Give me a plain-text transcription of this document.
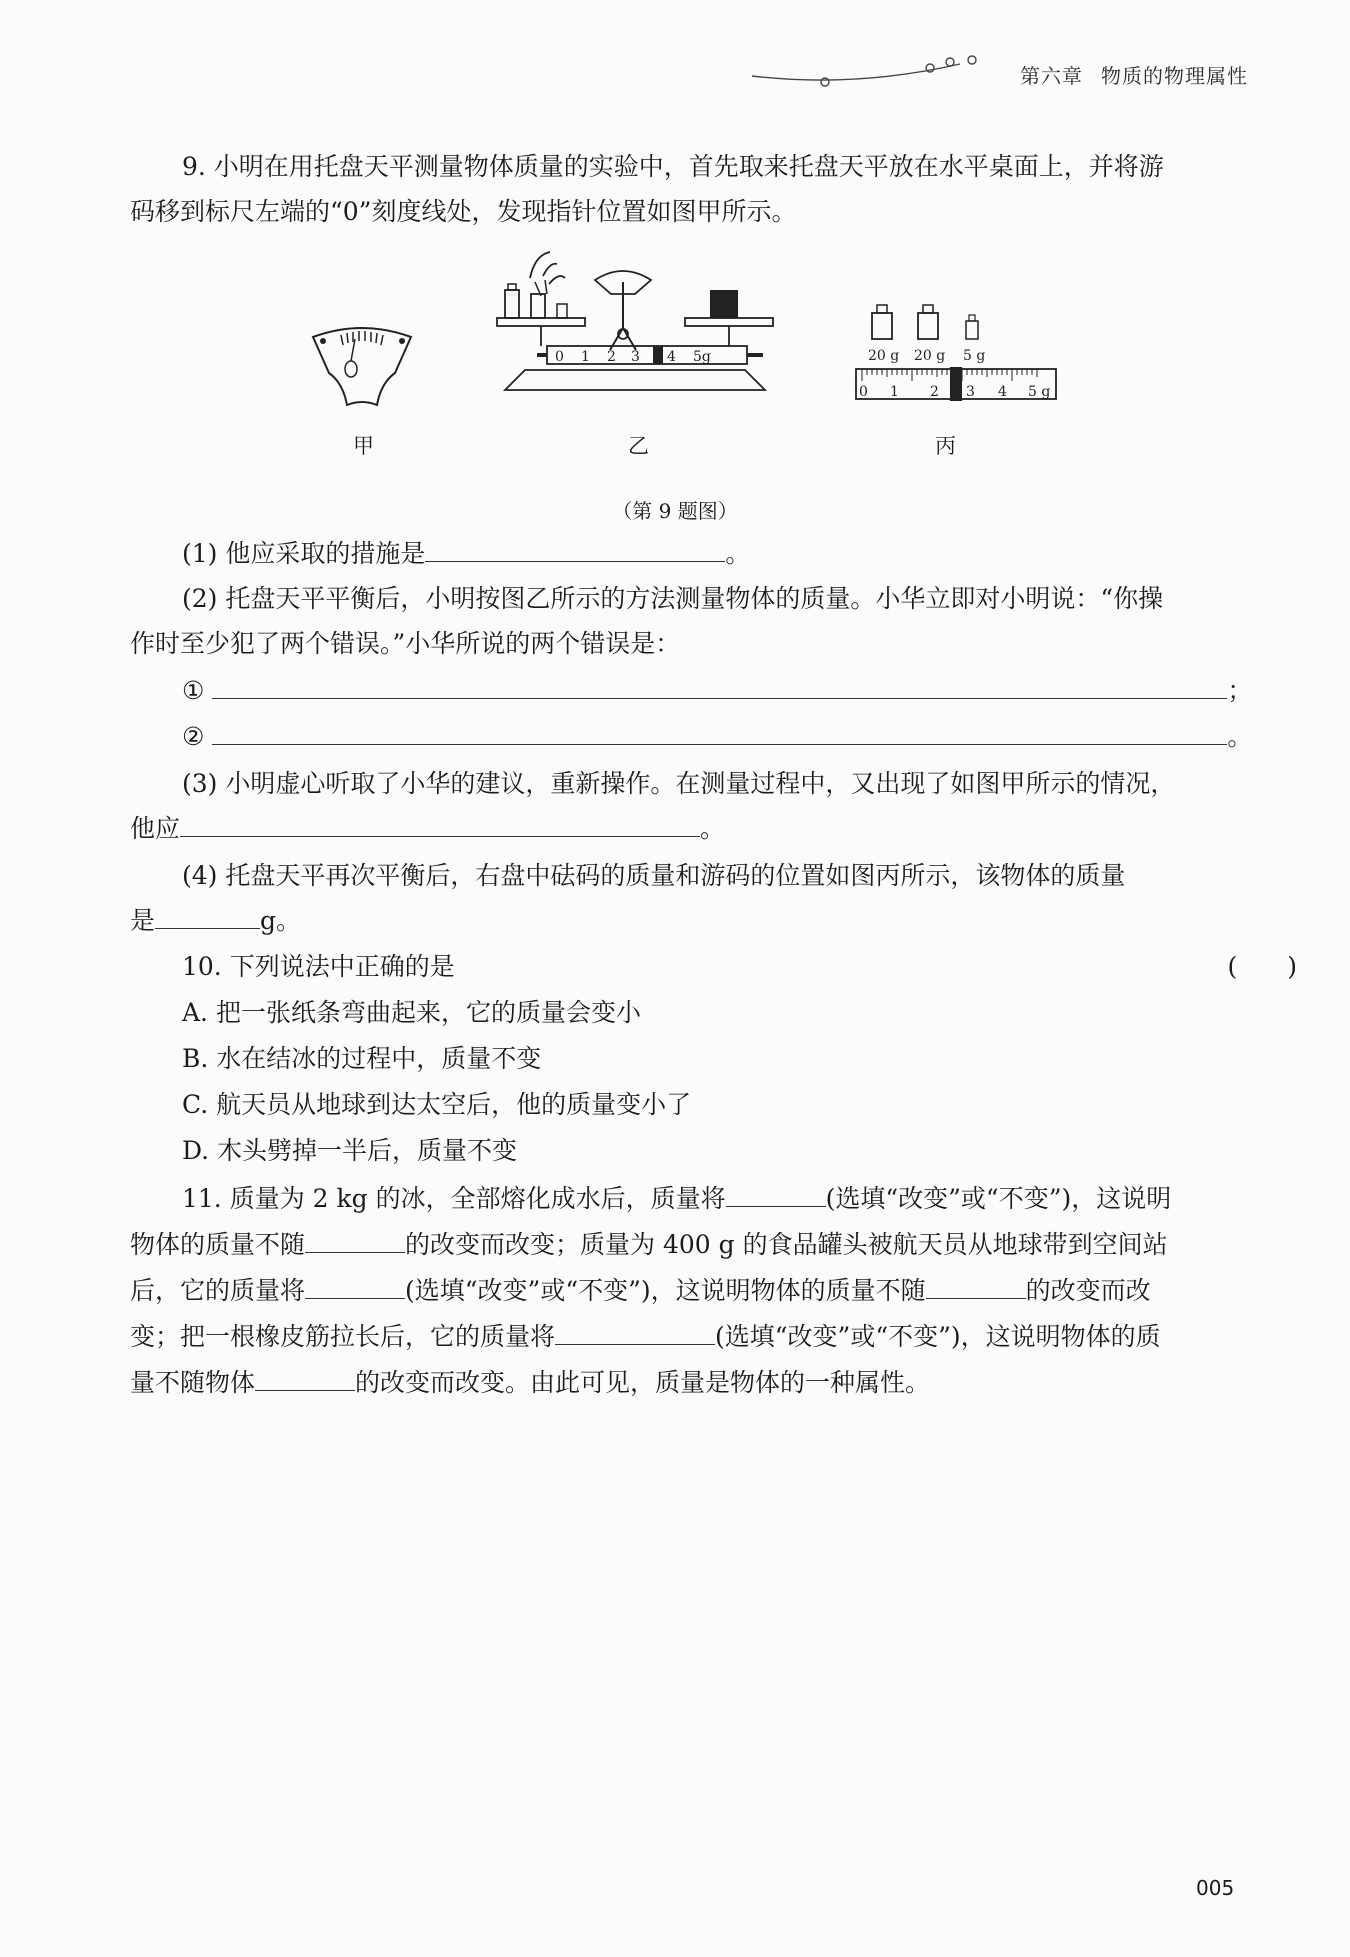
第六章 物质的物理属性
9. 小明在用托盘天平测量物体质量的实验中，首先取来托盘天平放在水平桌面上，并将游
码移到标尺左端的“0”刻度线处，发现指针位置如图甲所示。
甲
0 1 2 3 4 5g
乙
20 g 20 g 5 g
0 1 2 3 4 5 g
丙
（第 9 题图）
(1) 他应采取的措施是	。
(2) 托盘天平平衡后，小明按图乙所示的方法测量物体的质量。小华立即对小明说：“你操
作时至少犯了两个错误。”小华所说的两个错误是：
①	；
②	。
(3) 小明虚心听取了小华的建议，重新操作。在测量过程中，又出现了如图甲所示的情况，
他应	。
(4) 托盘天平再次平衡后，右盘中砝码的质量和游码的位置如图丙所示，该物体的质量
是	g。
10. 下列说法中正确的是	(　　)
A. 把一张纸条弯曲起来，它的质量会变小
B. 水在结冰的过程中，质量不变
C. 航天员从地球到达太空后，他的质量变小了
D. 木头劈掉一半后，质量不变
11. 质量为 2 kg 的冰，全部熔化成水后，质量将	(选填“改变”或“不变”)，这说明
物体的质量不随	的改变而改变；质量为 400 g 的食品罐头被航天员从地球带到空间站
后，它的质量将	(选填“改变”或“不变”)，这说明物体的质量不随	的改变而改
变；把一根橡皮筋拉长后，它的质量将	(选填“改变”或“不变”)，这说明物体的质
量不随物体	的改变而改变。由此可见，质量是物体的一种属性。
005
